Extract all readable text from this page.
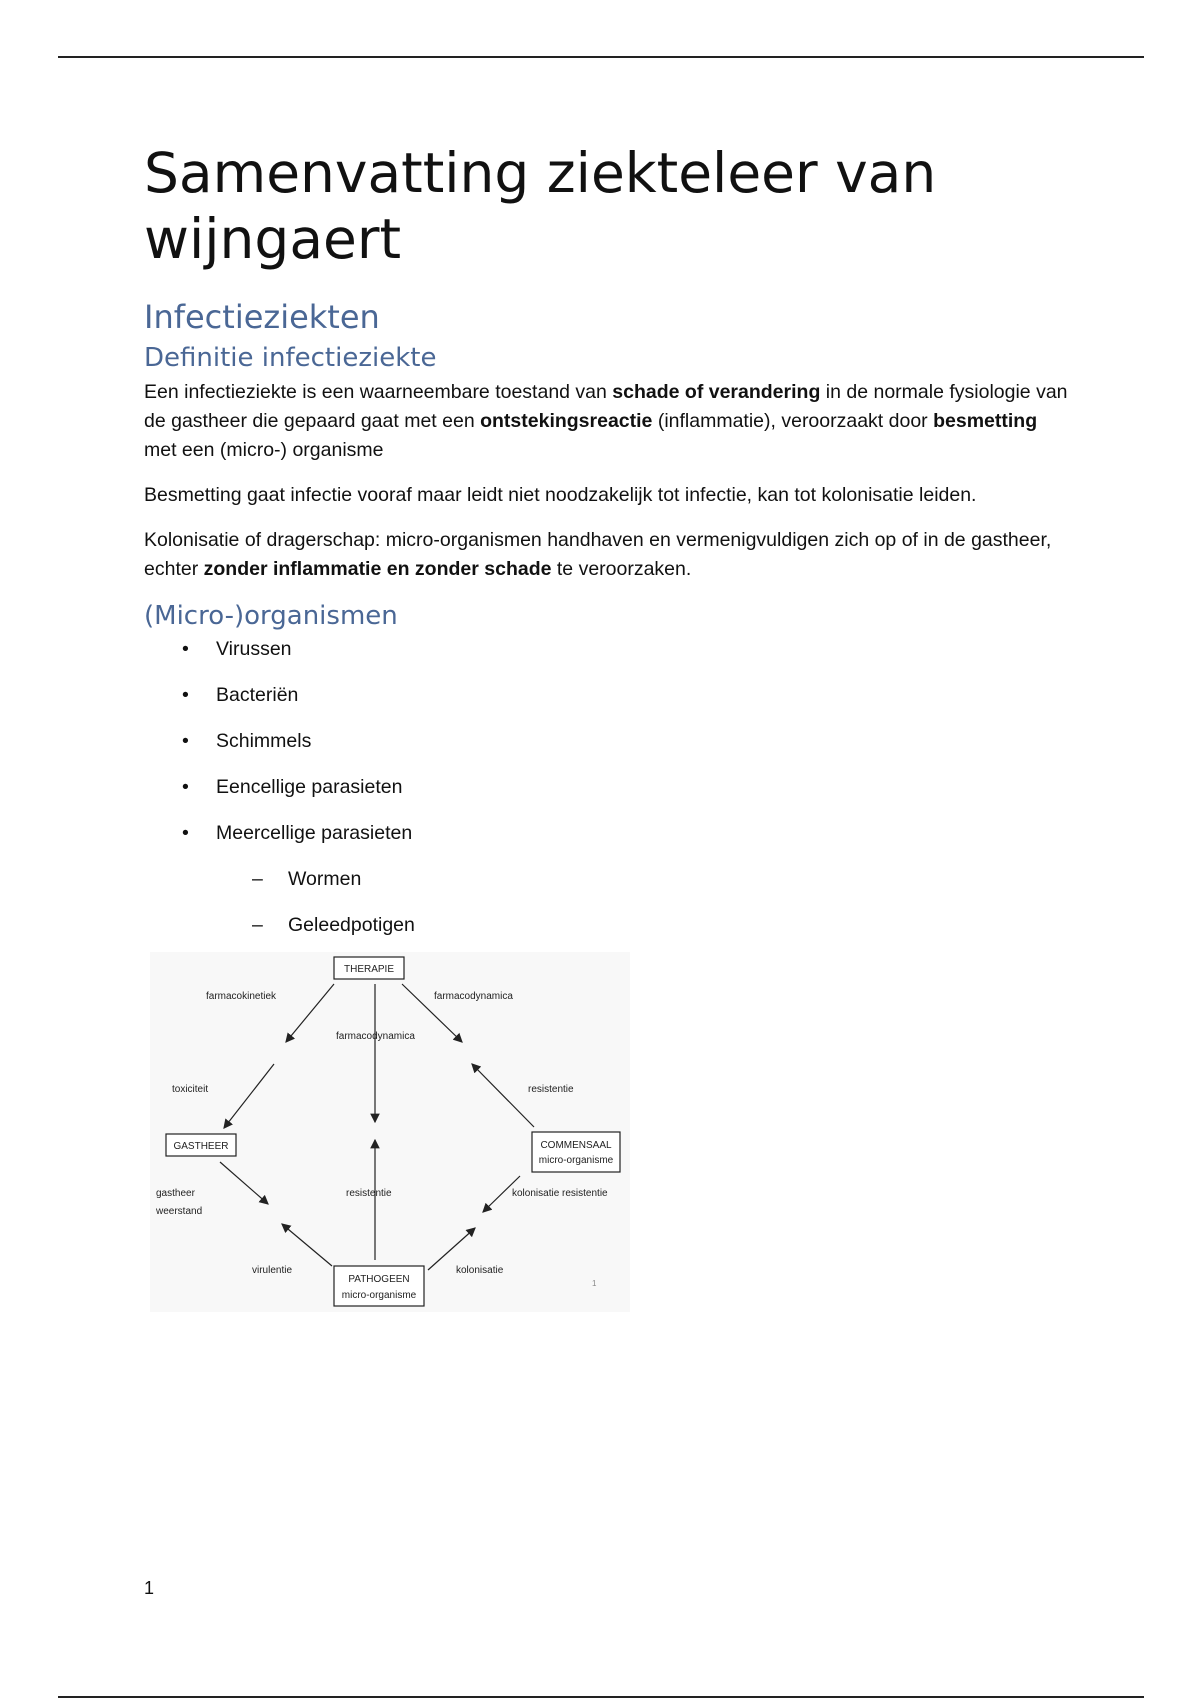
Samenvatting ziekteleer van wijngaert
Infectieziekten
Definitie infectieziekte

Een infectieziekte is een waarneembare toestand van schade of verandering in de normale fysiologie van de gastheer die gepaard gaat met een ontstekingsreactie (inflammatie), veroorzaakt door besmetting met een (micro-) organisme

Besmetting gaat infectie vooraf maar leidt niet noodzakelijk tot infectie, kan tot kolonisatie leiden.

Kolonisatie of dragerschap: micro-organismen handhaven en vermenigvuldigen zich op of in de gastheer, echter zonder inflammatie en zonder schade te veroorzaken.

(Micro-)organismen
• Virussen
• Bacteriën
• Schimmels
• Eencellige parasieten
• Meercellige parasieten
– Wormen
– Geleedpotigen
THERAPIE
GASTHEER	COMMENSAAL
micro-organisme
PATHOGEEN
micro-organisme
farmacokinetiek	farmacodynamica
farmacodynamica
toxiciteit	resistentie
resistentie
gastheer
weerstand
kolonisatie resistentie
virulentie	kolonisatie
1
1
